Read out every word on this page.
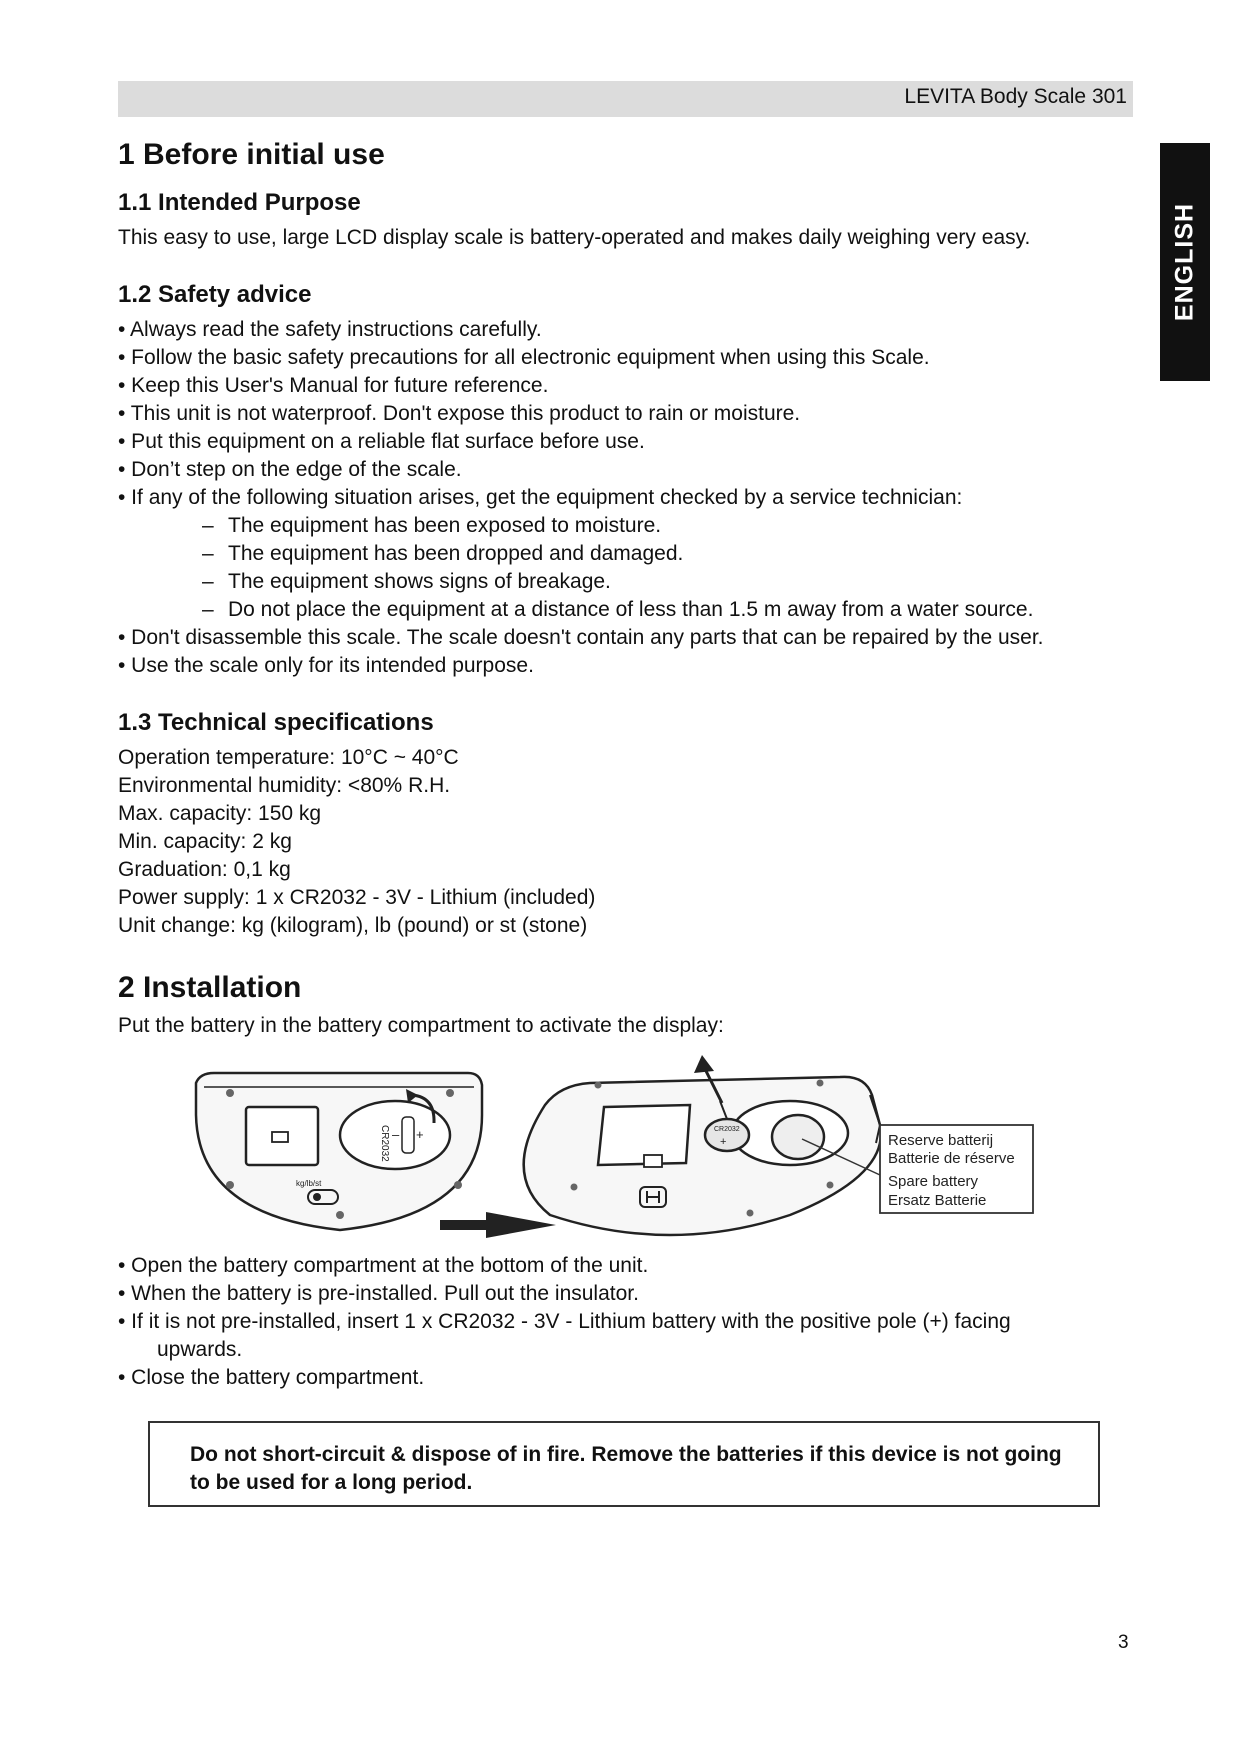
LEVITA Body Scale 301
ENGLISH
1 Before initial use
1.1 Intended Purpose
This easy to use, large LCD display scale is battery-operated and makes daily weighing very easy.
1.2 Safety advice
• Always read the safety instructions carefully.
• Follow the basic safety precautions for all electronic equipment when using this Scale.
• Keep this User's Manual for future reference.
• This unit is not waterproof. Don't expose this product to rain or moisture.
• Put this equipment on a reliable flat surface before use.
• Don’t step on the edge of the scale.
• If any of the following situation arises, get the equipment checked by a service technician:
– The equipment has been exposed to moisture.
– The equipment has been dropped and damaged.
– The equipment shows signs of breakage.
– Do not place the equipment at a distance of less than 1.5 m away from a water source.
• Don't disassemble this scale. The scale doesn't contain any parts that can be repaired by the user.
• Use the scale only for its intended purpose.
1.3 Technical specifications
Operation temperature: 10°C ~ 40°C
Environmental humidity: <80% R.H.
Max. capacity: 150 kg
Min. capacity: 2 kg
Graduation: 0,1 kg
Power supply: 1 x CR2032 - 3V - Lithium (included)
Unit change: kg (kilogram), lb (pound) or st (stone)
2 Installation
Put the battery in the battery compartment to activate the display:
• Open the battery compartment at the bottom of the unit.
• When the battery is pre-installed. Pull out the insulator.
• If it is not pre-installed, insert 1 x CR2032 - 3V - Lithium battery with the positive pole (+) facing
upwards.
• Close the battery compartment.
CR2032 +
–
kg/lb/st
CR2032
+	Reserve batterij
Batterie de réserve
Spare battery
Ersatz Batterie
Do not short-circuit & dispose of in fire. Remove the batteries if this device is not going to be used for a long period.
3
